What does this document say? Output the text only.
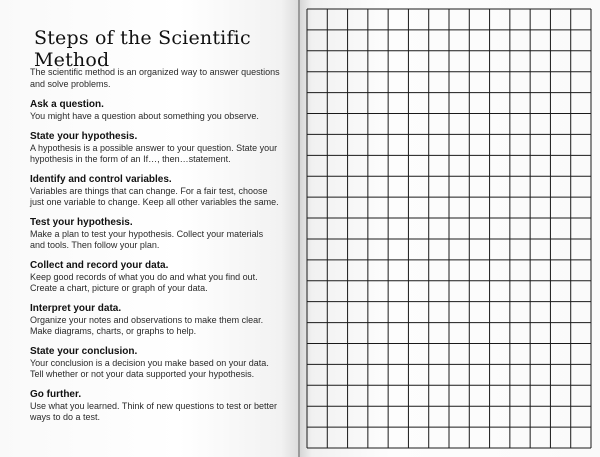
Steps of the Scientific Method

The scientific method is an organized way to answer questions and solve problems.

Ask a question.

You might have a question about something you observe.

State your hypothesis.

A hypothesis is a possible answer to your question. State your hypothesis in the form of an If…, then…statement.

Identify and control variables.

Variables are things that can change. For a fair test, choose just one variable to change. Keep all other variables the same.

Test your hypothesis.

Make a plan to test your hypothesis. Collect your materials and tools. Then follow your plan.

Collect and record your data.

Keep good records of what you do and what you find out. Create a chart, picture or graph of your data.

Interpret your data.

Organize your notes and observations to make them clear. Make diagrams, charts, or graphs to help.

State your conclusion.

Your conclusion is a decision you make based on your data. Tell whether or not your data supported your hypothesis.

Go further.

Use what you learned. Think of new questions to test or better ways to do a test.
